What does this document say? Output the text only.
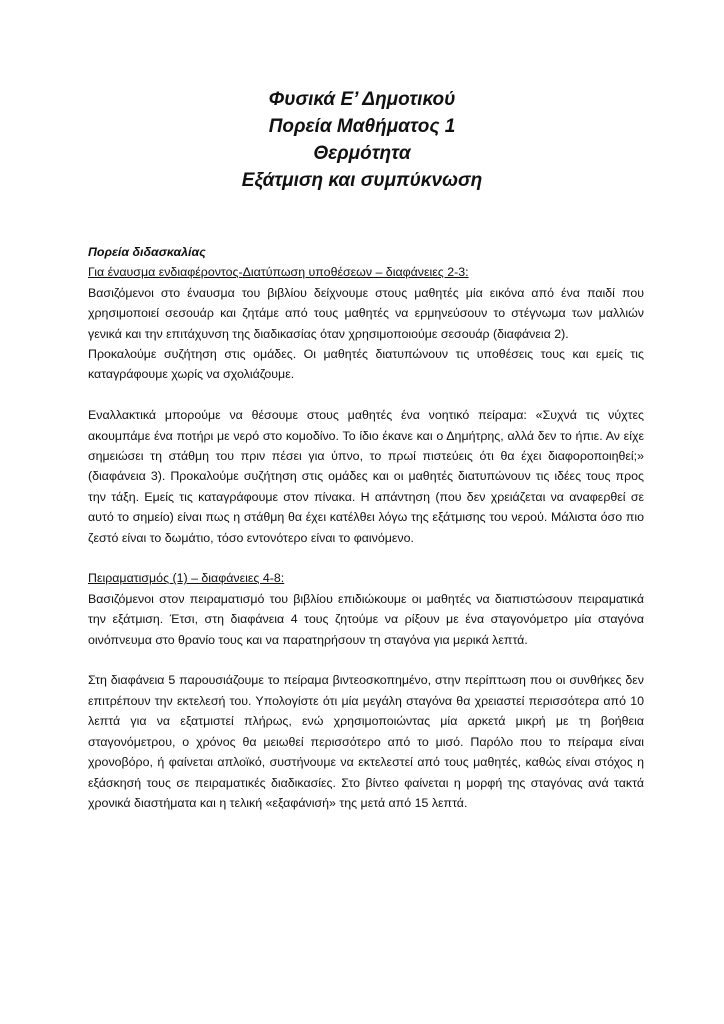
Φυσικά Ε’ Δημοτικού
Πορεία Μαθήματος 1
Θερμότητα
Εξάτμιση και συμπύκνωση

Πορεία διδασκαλίας

Για έναυσμα ενδιαφέροντος-Διατύπωση υποθέσεων – διαφάνειες 2-3:

Βασιζόμενοι στο έναυσμα του βιβλίου δείχνουμε στους μαθητές μία εικόνα από ένα παιδί που χρησιμοποιεί σεσουάρ και ζητάμε από τους μαθητές να ερμηνεύσουν το στέγνωμα των μαλλιών γενικά και την επιτάχυνση της διαδικασίας όταν χρησιμοποιούμε σεσουάρ (διαφάνεια 2).

Προκαλούμε συζήτηση στις ομάδες. Οι μαθητές διατυπώνουν τις υποθέσεις τους και εμείς τις καταγράφουμε χωρίς να σχολιάζουμε.

Εναλλακτικά μπορούμε να θέσουμε στους μαθητές ένα νοητικό πείραμα: «Συχνά τις νύχτες ακουμπάμε ένα ποτήρι με νερό στο κομοδίνο. Το ίδιο έκανε και ο Δημήτρης, αλλά δεν το ήπιε. Αν είχε σημειώσει τη στάθμη του πριν πέσει για ύπνο, το πρωί πιστεύεις ότι θα έχει διαφοροποιηθεί;» (διαφάνεια 3). Προκαλούμε συζήτηση στις ομάδες και οι μαθητές διατυπώνουν τις ιδέες τους προς την τάξη. Εμείς τις καταγράφουμε στον πίνακα. Η απάντηση (που δεν χρειάζεται να αναφερθεί σε αυτό το σημείο) είναι πως η στάθμη θα έχει κατέλθει λόγω της εξάτμισης του νερού. Μάλιστα όσο πιο ζεστό είναι το δωμάτιο, τόσο εντονότερο είναι το φαινόμενο.

Πειραματισμός (1) – διαφάνειες 4-8:

Βασιζόμενοι στον πειραματισμό του βιβλίου επιδιώκουμε οι μαθητές να διαπιστώσουν πειραματικά την εξάτμιση. Έτσι, στη διαφάνεια 4 τους ζητούμε να ρίξουν με ένα σταγονόμετρο μία σταγόνα οινόπνευμα στο θρανίο τους και να παρατηρήσουν τη σταγόνα για μερικά λεπτά.

Στη διαφάνεια 5 παρουσιάζουμε το πείραμα βιντεοσκοπημένο, στην περίπτωση που οι συνθήκες δεν επιτρέπουν την εκτελεσή του. Υπολογίστε ότι μία μεγάλη σταγόνα θα χρειαστεί περισσότερα από 10 λεπτά για να εξατμιστεί πλήρως, ενώ χρησιμοποιώντας μία αρκετά μικρή με τη βοήθεια σταγονόμετρου, ο χρόνος θα μειωθεί περισσότερο από το μισό. Παρόλο που το πείραμα είναι χρονοβόρο, ή φαίνεται απλοϊκό, συστήνουμε να εκτελεστεί από τους μαθητές, καθώς είναι στόχος η εξάσκησή τους σε πειραματικές διαδικασίες. Στο βίντεο φαίνεται η μορφή της σταγόνας ανά τακτά χρονικά διαστήματα και η τελική «εξαφάνισή» της μετά από 15 λεπτά.
